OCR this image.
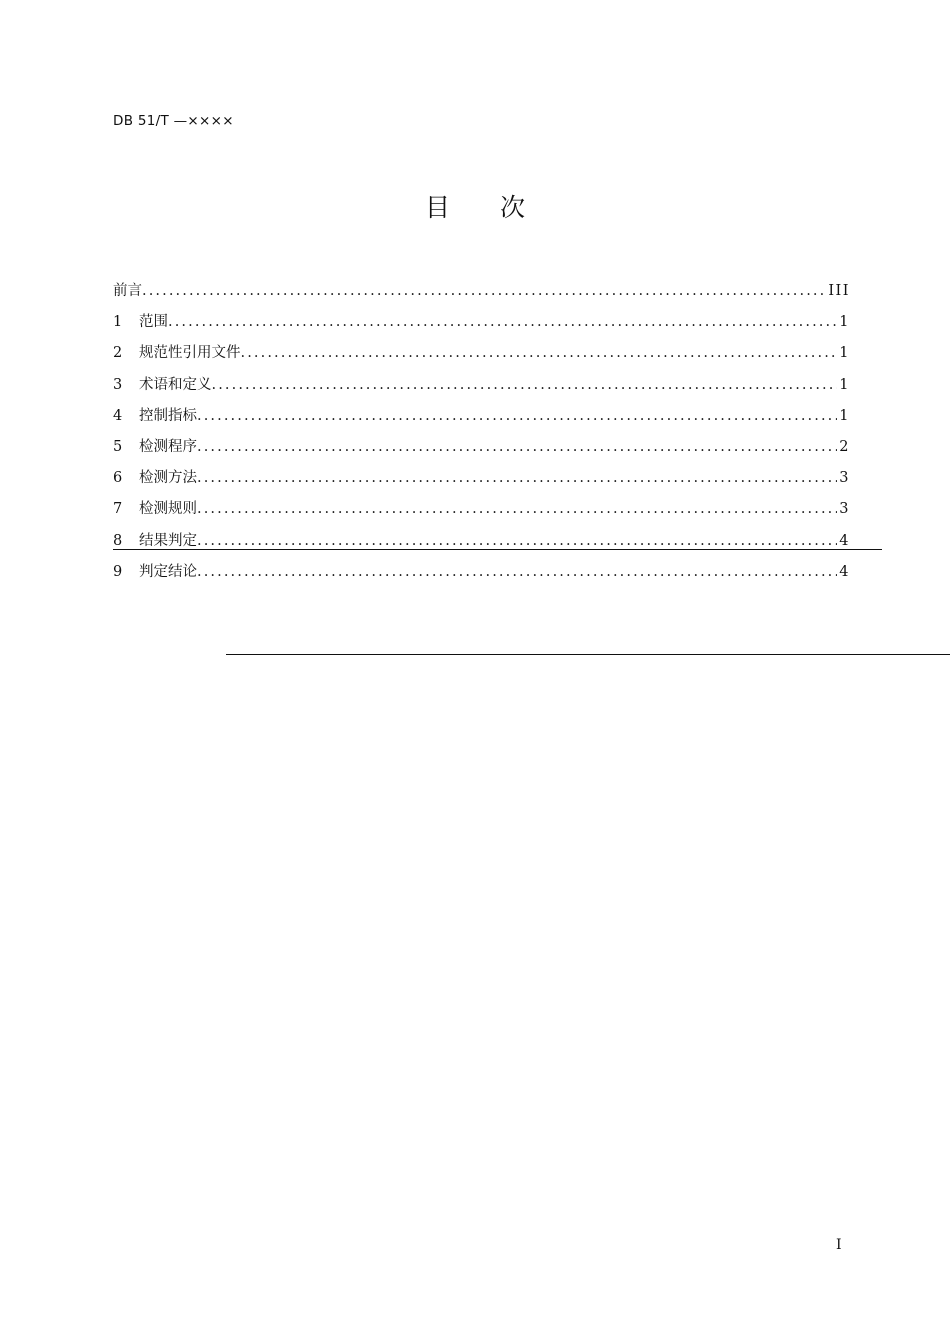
DB 51/T —××××
目 次
前言 .....	III
1	范围 .....	1
2	规范性引用文件 .....	1
3	术语和定义 .....	1
4	控制指标 .....	1
5	检测程序 .....	2
6	检测方法 .....	3
7	检测规则 .....	3
8	结果判定 .....	4
9	判定结论 .....	4
I
